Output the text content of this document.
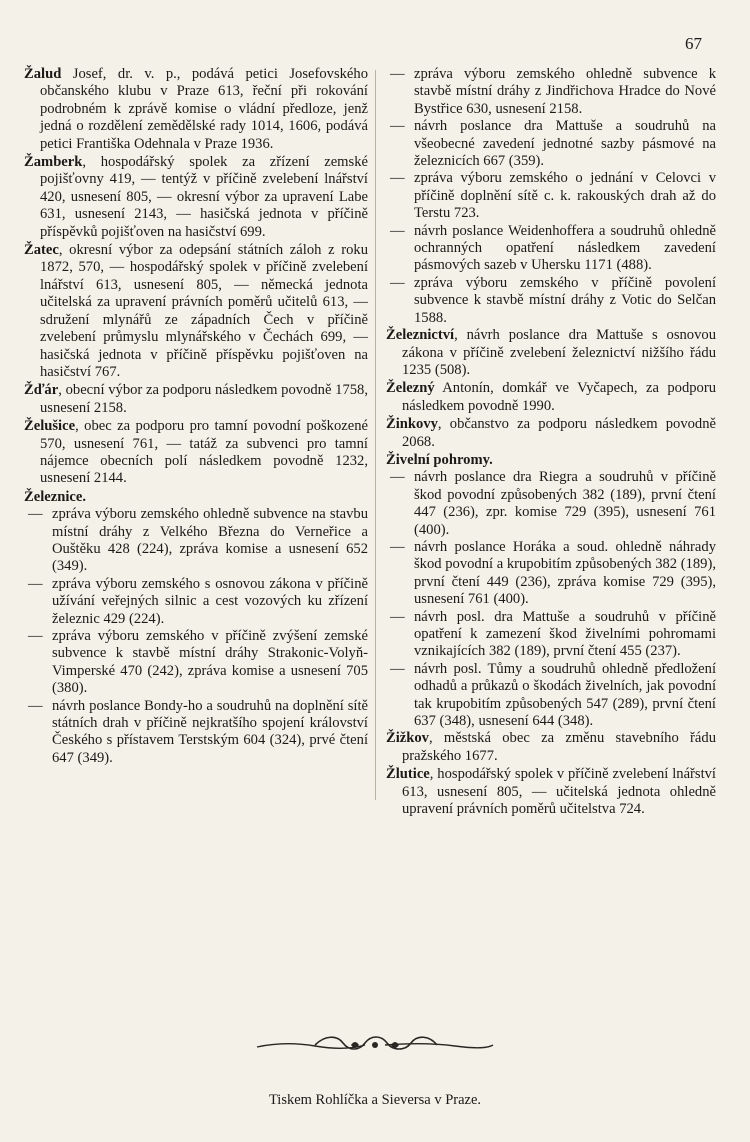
67

Žalud Josef, dr. v. p., podává petici Josefovského občanského klubu v Praze 613, řeční při rokování podrobném k zprávě komise o vládní předloze, jenž jedná o rozdělení zemědělské rady 1014, 1606, podává petici Františka Odehnala v Praze 1936.

Žamberk, hospodářský spolek za zřízení zemské pojišťovny 419, — tentýž v příčině zvelebení lnářství 420, usnesení 805, — okresní výbor za upravení Labe 631, usnesení 2143, — hasičská jednota v příčině příspěvků pojišťoven na hasičství 699.

Žatec, okresní výbor za odepsání státních záloh z roku 1872, 570, — hospodářský spolek v příčině zvelebení lnářství 613, usnesení 805, — německá jednota učitelská za upravení právních poměrů učitelů 613, — sdružení mlynářů ze západních Čech v příčině zvelebení průmyslu mlynářského v Čechách 699, — hasičská jednota v příčině příspěvku pojišťoven na hasičství 767.

Žďár, obecní výbor za podporu následkem povodně 1758, usnesení 2158.

Želušice, obec za podporu pro tamní povodní poškozené 570, usnesení 761, — tatáž za subvenci pro tamní nájemce obecních polí následkem povodně 1232, usnesení 2144.

Železnice.

— zpráva výboru zemského ohledně subvence na stavbu místní dráhy z Velkého Března do Verneřice a Ouštěku 428 (224), zpráva komise a usnesení 652 (349).

— zpráva výboru zemského s osnovou zákona v příčině užívání veřejných silnic a cest vozových ku zřízení železnic 429 (224).

— zpráva výboru zemského v příčině zvýšení zemské subvence k stavbě místní dráhy Strakonic-Volyň-Vimperské 470 (242), zpráva komise a usnesení 705 (380).

— návrh poslance Bondy-ho a soudruhů na doplnění sítě státních drah v příčině nejkratšího spojení království Českého s přístavem Terstským 604 (324), prvé čtení 647 (349).

— zpráva výboru zemského ohledně subvence k stavbě místní dráhy z Jindřichova Hradce do Nové Bystřice 630, usnesení 2158.

— návrh poslance dra Mattuše a soudruhů na všeobecné zavedení jednotné sazby pásmové na železnicích 667 (359).

— zpráva výboru zemského o jednání v Celovci v příčině doplnění sítě c. k. rakouských drah až do Terstu 723.

— návrh poslance Weidenhoffera a soudruhů ohledně ochranných opatření následkem zavedení pásmových sazeb v Uhersku 1171 (488).

— zpráva výboru zemského v příčině povolení subvence k stavbě místní dráhy z Votic do Selčan 1588.

Železnictví, návrh poslance dra Mattuše s osnovou zákona v příčině zvelebení železnictví nižšího řádu 1235 (508).

Železný Antonín, domkář ve Vyčapech, za podporu následkem povodně 1990.

Žinkovy, občanstvo za podporu následkem povodně 2068.

Živelní pohromy.

— návrh poslance dra Riegra a soudruhů v příčině škod povodní způsobených 382 (189), první čtení 447 (236), zpr. komise 729 (395), usnesení 761 (400).

— návrh poslance Horáka a soud. ohledně náhrady škod povodní a krupobitím způsobených 382 (189), první čtení 449 (236), zpráva komise 729 (395), usnesení 761 (400).

— návrh posl. dra Mattuše a soudruhů v příčině opatření k zamezení škod živelními pohromami vznikajících 382 (189), první čtení 455 (237).

— návrh posl. Tůmy a soudruhů ohledně předložení odhadů a průkazů o škodách živelních, jak povodní tak krupobitím způsobených 547 (289), první čtení 637 (348), usnesení 644 (348).

Žižkov, městská obec za změnu stavebního řádu pražského 1677.

Žlutice, hospodářský spolek v příčině zvelebení lnářství 613, usnesení 805, — učitelská jednota ohledně upravení právních poměrů učitelstva 724.

Tiskem Rohlíčka a Sieversa v Praze.
